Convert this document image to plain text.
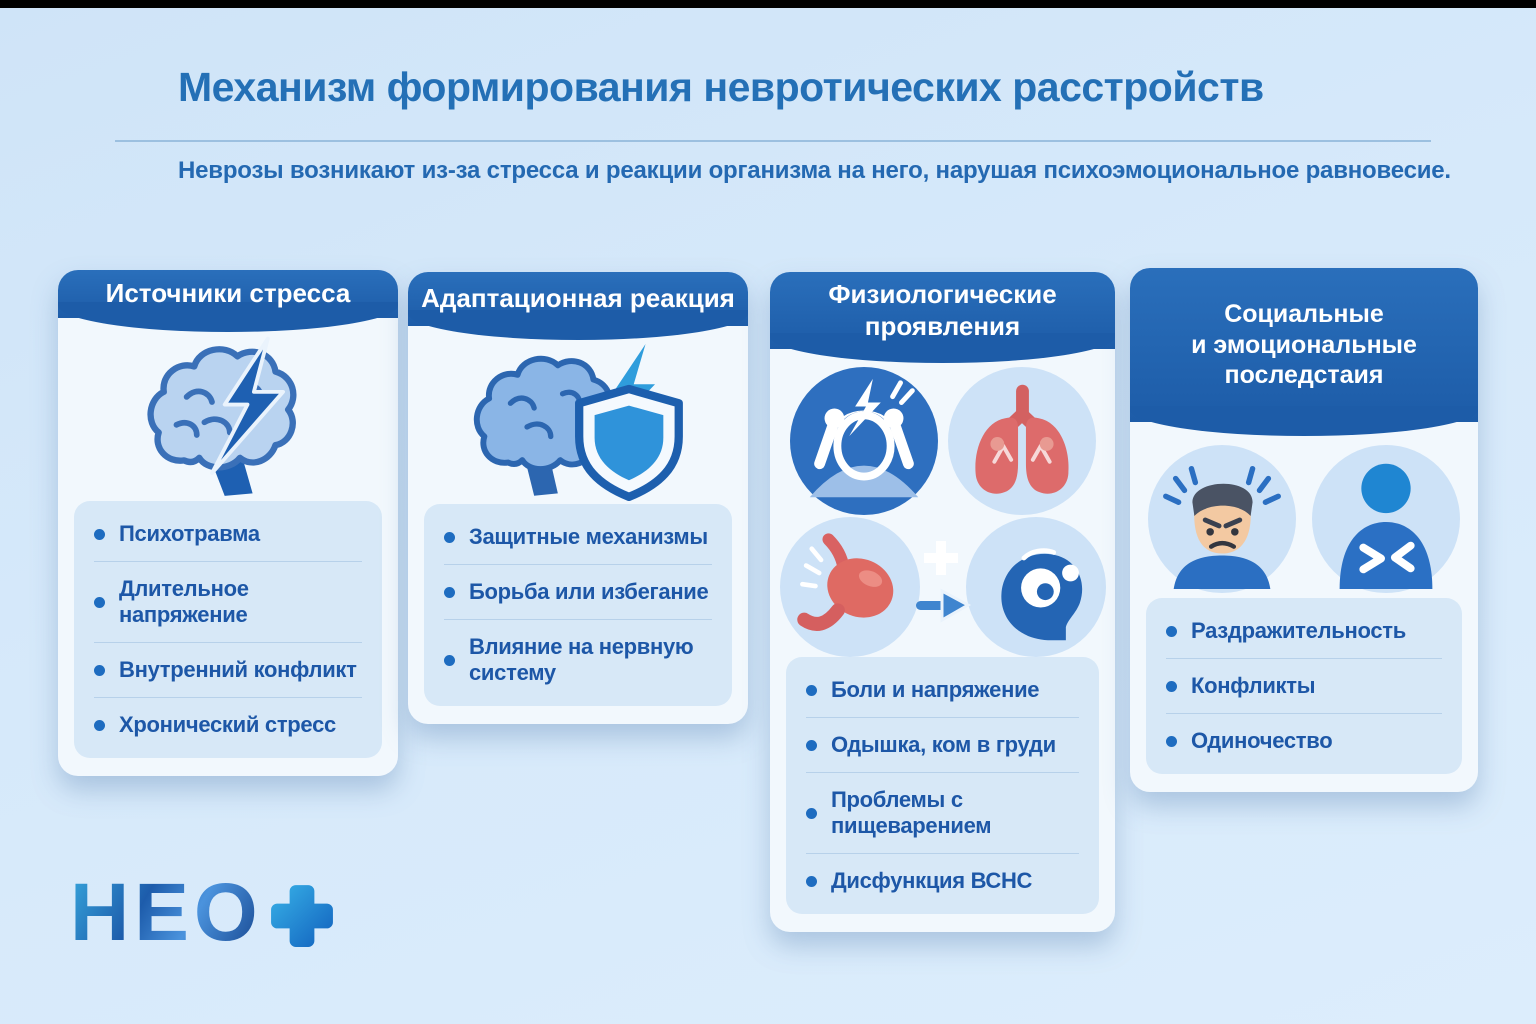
Механизм формирования невротических расстройств
Неврозы возникают из-за стресса и реакции организма на него, нарушая психоэмоциональное равновесие.
Источники стресса
Психотравма
Длительное напряжение
Внутренний конфликт
Хронический стресс
Адаптационная реакция
Защитные механизмы
Борьба или избегание
Влияние на нервную систему
Физиологические
проявления
Боли и напряжение
Одышка, ком в груди
Проблемы с пищеварением
Дисфункция ВСНС
Социальные
и эмоциональные
последстаия
Раздражительность
Конфликты
Одиночество
НЕО
